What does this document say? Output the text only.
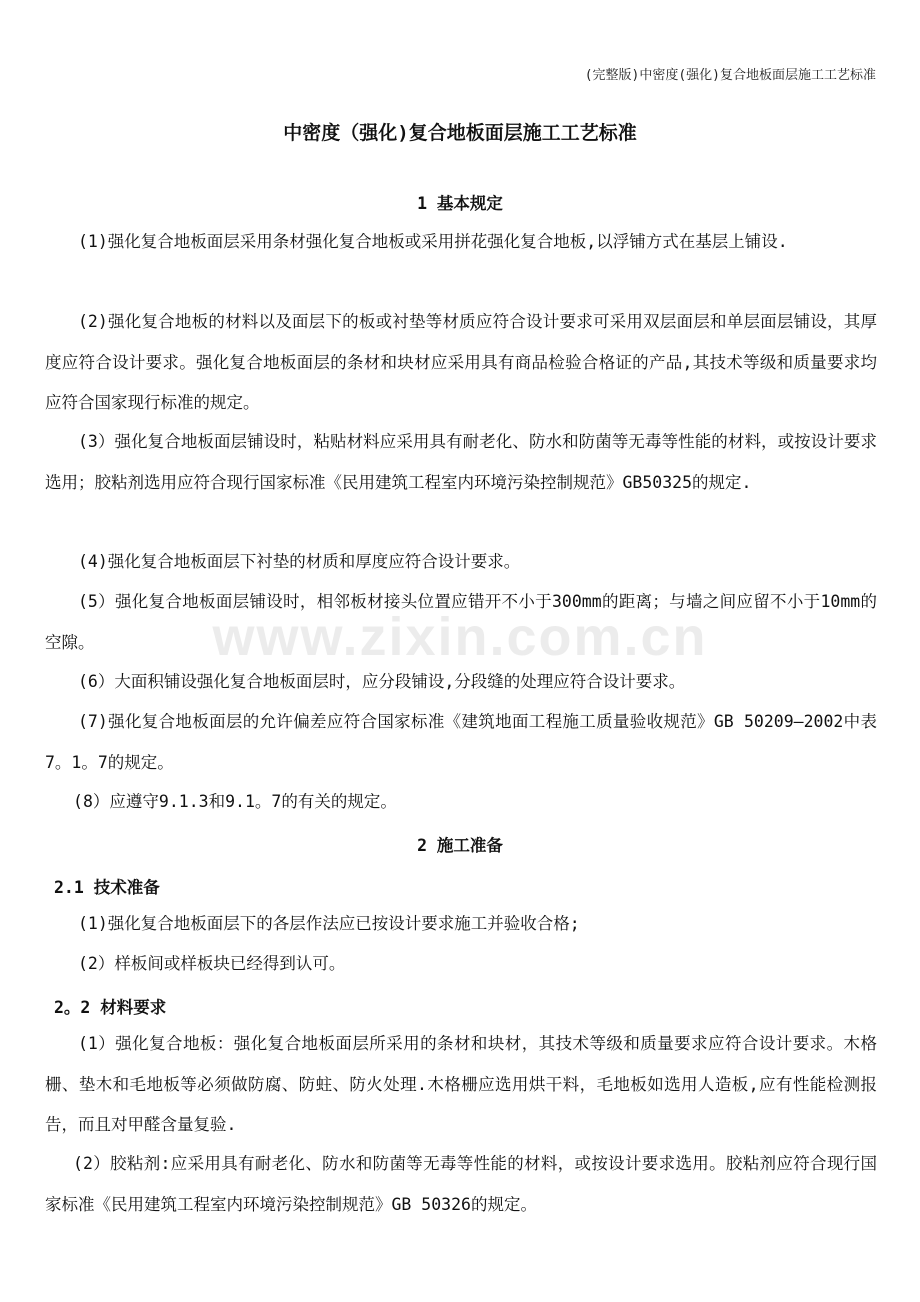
(完整版)中密度(强化)复合地板面层施工工艺标准
中密度（强化)复合地板面层施工工艺标准
www.zixin.com.cn
1 基本规定
(1)强化复合地板面层采用条材强化复合地板或采用拼花强化复合地板,以浮铺方式在基层上铺设.
(2)强化复合地板的材料以及面层下的板或衬垫等材质应符合设计要求可采用双层面层和单层面层铺设，其厚度应符合设计要求。强化复合地板面层的条材和块材应采用具有商品检验合格证的产品,其技术等级和质量要求均应符合国家现行标准的规定。
(3）强化复合地板面层铺设时，粘贴材料应采用具有耐老化、防水和防菌等无毒等性能的材料，或按设计要求选用；胶粘剂选用应符合现行国家标准《民用建筑工程室内环境污染控制规范》GB50325的规定.
(4)强化复合地板面层下衬垫的材质和厚度应符合设计要求。
(5）强化复合地板面层铺设时，相邻板材接头位置应错开不小于300mm的距离；与墙之间应留不小于10mm的空隙。
(6）大面积铺设强化复合地板面层时，应分段铺设,分段缝的处理应符合设计要求。
(7)强化复合地板面层的允许偏差应符合国家标准《建筑地面工程施工质量验收规范》GB 50209—2002中表7。1。7的规定。
(8）应遵守9.1.3和9.1。7的有关的规定。
2 施工准备
2.1 技术准备
(1)强化复合地板面层下的各层作法应已按设计要求施工并验收合格;
(2）样板间或样板块已经得到认可。
2。2 材料要求
(1）强化复合地板：强化复合地板面层所采用的条材和块材，其技术等级和质量要求应符合设计要求。木格栅、垫木和毛地板等必须做防腐、防蛀、防火处理.木格栅应选用烘干料，毛地板如选用人造板,应有性能检测报告，而且对甲醛含量复验.
(2）胶粘剂:应采用具有耐老化、防水和防菌等无毒等性能的材料，或按设计要求选用。胶粘剂应符合现行国家标准《民用建筑工程室内环境污染控制规范》GB 50326的规定。
